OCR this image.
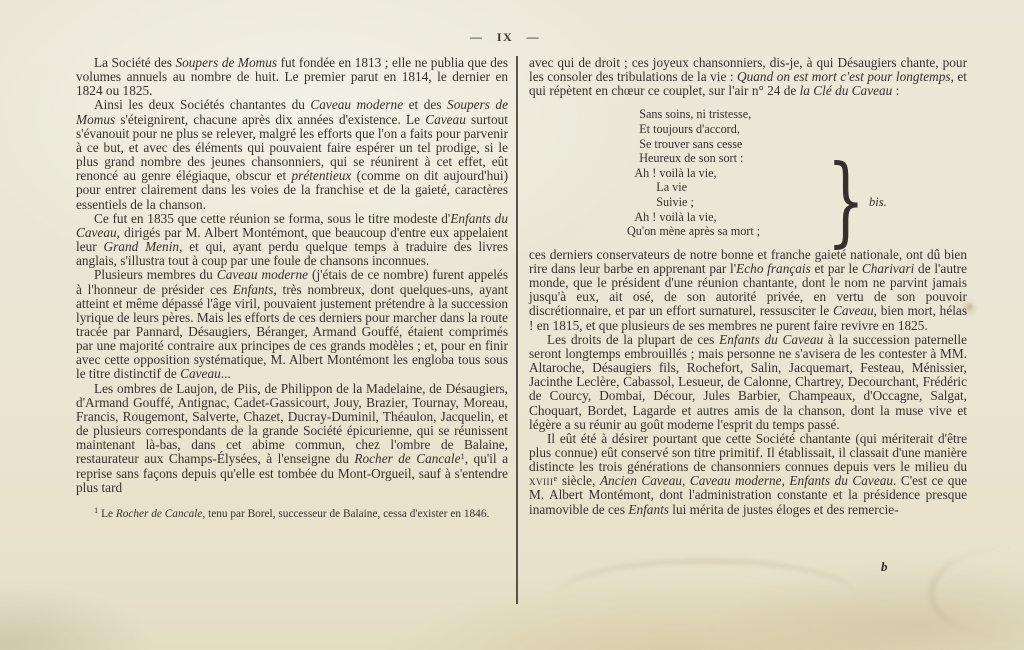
— IX —

La Société des Soupers de Momus fut fondée en 1813 ; elle ne publia que des volumes annuels au nombre de huit. Le premier parut en 1814, le dernier en 1824 ou 1825.

Ainsi les deux Sociétés chantantes du Caveau moderne et des Soupers de Momus s'éteignirent, chacune après dix années d'existence. Le Caveau surtout s'évanouit pour ne plus se relever, malgré les efforts que l'on a faits pour parvenir à ce but, et avec des éléments qui pouvaient faire espérer un tel prodige, si le plus grand nombre des jeunes chansonniers, qui se réunirent à cet effet, eût renoncé au genre élégiaque, obscur et prétentieux (comme on dit aujourd'hui) pour entrer clairement dans les voies de la franchise et de la gaieté, caractères essentiels de la chanson.

Ce fut en 1835 que cette réunion se forma, sous le titre modeste d'Enfants du Caveau, dirigés par M. Albert Montémont, que beaucoup d'entre eux appelaient leur Grand Menin, et qui, ayant perdu quelque temps à traduire des livres anglais, s'illustra tout à coup par une foule de chansons inconnues.

Plusieurs membres du Caveau moderne (j'étais de ce nombre) furent appelés à l'honneur de présider ces Enfants, très nombreux, dont quelques-uns, ayant atteint et même dépassé l'âge viril, pouvaient justement prétendre à la succession lyrique de leurs pères. Mais les efforts de ces derniers pour marcher dans la route tracée par Pannard, Désaugiers, Béranger, Armand Gouffé, étaient comprimés par une majorité contraire aux principes de ces grands modèles ; et, pour en finir avec cette opposition systématique, M. Albert Montémont les engloba tous sous le titre distinctif de Caveau...

Les ombres de Laujon, de Piis, de Philippon de la Madelaine, de Désaugiers, d'Armand Gouffé, Antignac, Cadet-Gassicourt, Jouy, Brazier, Tournay, Moreau, Francis, Rougemont, Salverte, Chazet, Ducray-Duminil, Théaulon, Jacquelin, et de plusieurs correspondants de la grande Société épicurienne, qui se réunissent maintenant là-bas, dans cet abime commun, chez l'ombre de Balaine, restaurateur aux Champs-Élysées, à l'enseigne du Rocher de Cancale$^1$, qu'il a reprise sans façons depuis qu'elle est tombée du Mont-Orgueil, sauf à s'entendre plus tard

$^1$ Le Rocher de Cancale, tenu par Borel, successeur de Balaine, cessa d'exister en 1846.

avec qui de droit ; ces joyeux chansonniers, dis-je, à qui Désaugiers chante, pour les consoler des tribulations de la vie : Quand on est mort c'est pour longtemps, et qui répètent en chœur ce couplet, sur l'air n° 24 de la Clé du Caveau :

Sans soins, ni tristesse,
Et toujours d'accord,
Se trouver sans cesse
Heureux de son sort :
Ah ! voilà la vie,
La vie
Suivie ;
Ah ! voilà la vie,
Qu'on mène après sa mort ; } bis.

ces derniers conservateurs de notre bonne et franche gaieté nationale, ont dû bien rire dans leur barbe en apprenant par l'Echo français et par le Charivari de l'autre monde, que le président d'une réunion chantante, dont le nom ne parvint jamais jusqu'à eux, ait osé, de son autorité privée, en vertu de son pouvoir discrétionnaire, et par un effort surnaturel, ressusciter le Caveau, bien mort, hélas ! en 1815, et que plusieurs de ses membres ne purent faire revivre en 1825.

Les droits de la plupart de ces Enfants du Caveau à la succession paternelle seront longtemps embrouillés ; mais personne ne s'avisera de les contester à MM. Altaroche, Désaugiers fils, Rochefort, Salin, Jacquemart, Festeau, Ménissier, Jacinthe Leclère, Cabassol, Lesueur, de Calonne, Chartrey, Decourchant, Frédéric de Courcy, Dombai, Décour, Jules Barbier, Champeaux, d'Occagne, Salgat, Choquart, Bordet, Lagarde et autres amis de la chanson, dont la muse vive et légère a su réunir au goût moderne l'esprit du temps passé.

Il eût été à désirer pourtant que cette Société chantante (qui mériterait d'être plus connue) eût conservé son titre primitif. Il établissait, il classait d'une manière distincte les trois générations de chansonniers connues depuis vers le milieu du xviii$^e$ siècle, Ancien Caveau, Caveau moderne, Enfants du Caveau. C'est ce que M. Albert Montémont, dont l'administration constante et la présidence presque inamovible de ces Enfants lui mérita de justes éloges et des remercie-

b
